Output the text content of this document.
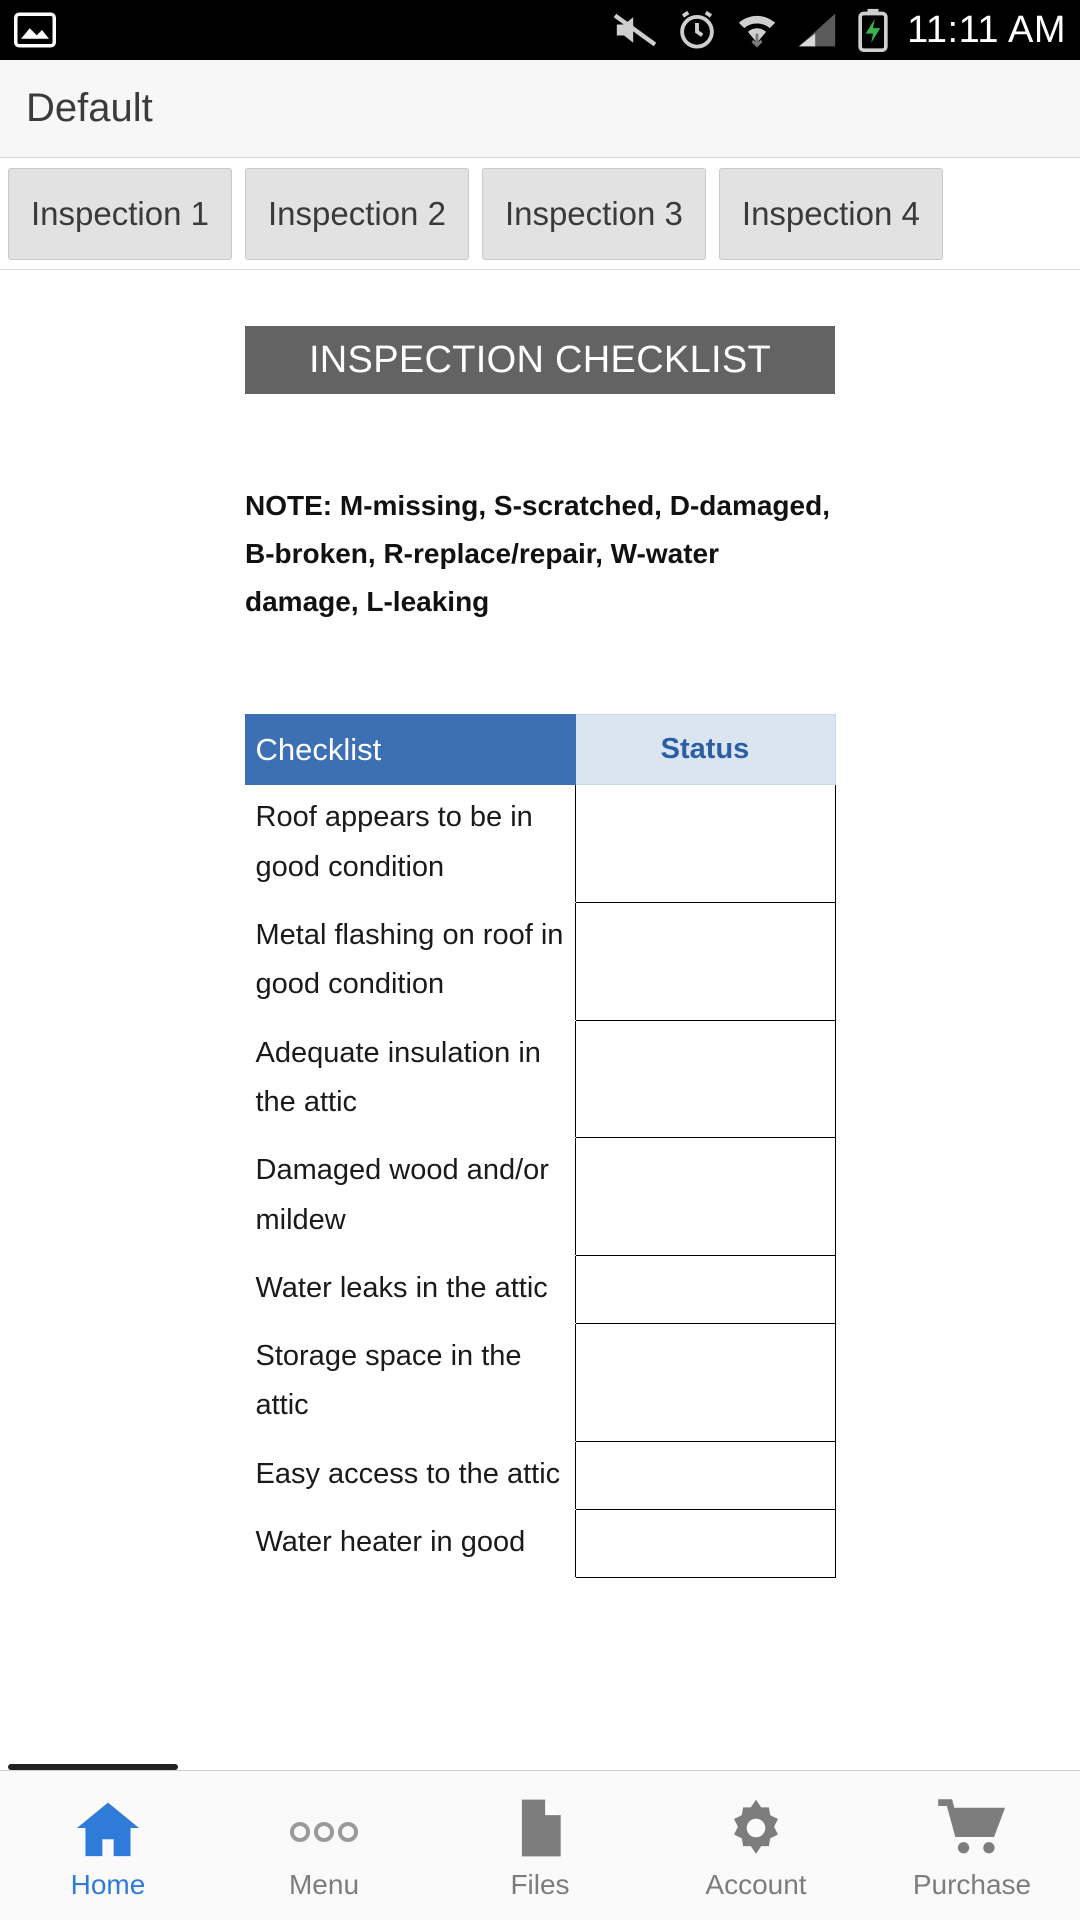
11:11 AM
Default
Inspection 1 Inspection 2 Inspection 3 Inspection 4
INSPECTION CHECKLIST
NOTE: M-missing, S-scratched, D-damaged, B-broken, R-replace/repair, W-water damage, L-leaking
Checklist	Status
Roof appears to be in good condition	
Metal flashing on roof in good condition	
Adequate insulation in the attic	
Damaged wood and/or mildew	
Water leaks in the attic	
Storage space in the attic	
Easy access to the attic	
Water heater in good	
Home	Menu	Files	Account	Purchase
